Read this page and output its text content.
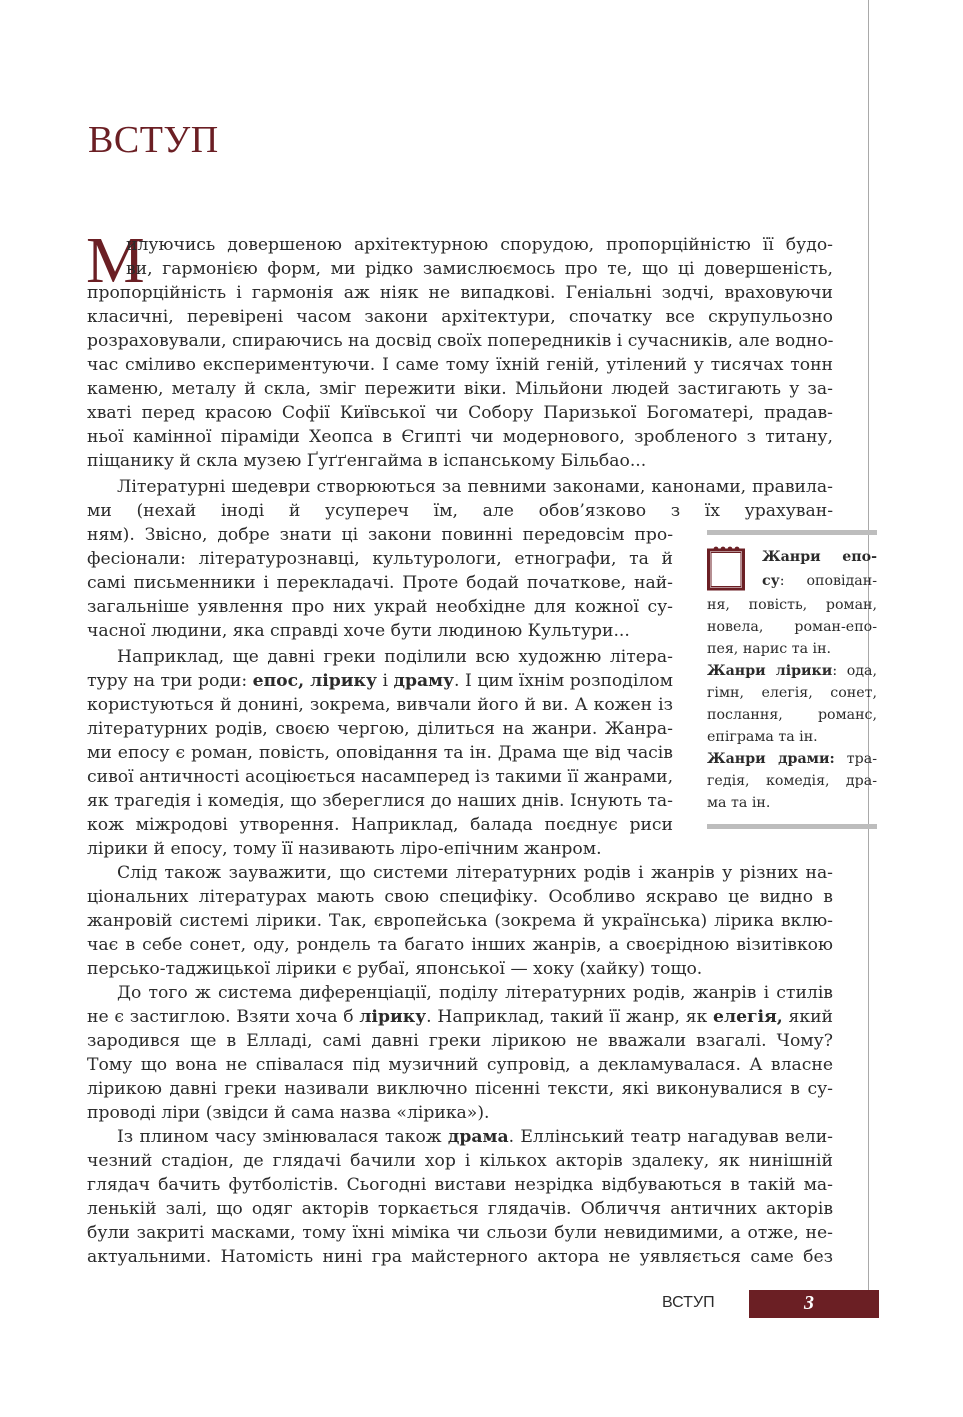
ВСТУП
М
илуючись довершеною архітектурною спорудою, пропорційністю її будо-
ви, гармонією форм, ми рідко замислюємось про те, що ці довершеність,
пропорційність і гармонія аж ніяк не випадкові. Геніальні зодчі, враховуючи
класичні, перевірені часом закони архітектури, спочатку все скрупульозно
розраховували, спираючись на досвід своїх попередників і сучасників, але водно-
час сміливо експериментуючи. І саме тому їхній геній, утілений у тисячах тонн
каменю, металу й скла, зміг пережити віки. Мільйони людей застигають у за-
хваті перед красою Софії Київської чи Собору Паризької Богоматері, прадав-
ньої камінної піраміди Хеопса в Єгипті чи модернового, зробленого з титану,
піщанику й скла музею Ґуґґенгайма в іспанському Більбао...
Літературні шедеври створюються за певними законами, канонами, правила-
ми (нехай іноді й усупереч їм, але обов’язково з їх урахуван-
ням). Звісно, добре знати ці закони повинні передовсім про-
фесіонали: літературознавці, культурологи, етнографи, та й
самі письменники і перекладачі. Проте бодай початкове, най-
загальніше уявлення про них украй необхідне для кожної су-
часної людини, яка справді хоче бути людиною Культури...
Наприклад, ще давні греки поділили всю художню літера-
туру на три роди: епос, лірику і драму. І цим їхнім розподілом
користуються й донині, зокрема, вивчали його й ви. А кожен із
літературних родів, своєю чергою, ділиться на жанри. Жанра-
ми епосу є роман, повість, оповідання та ін. Драма ще від часів
сивої античності асоціюється насамперед із такими її жанрами,
як трагедія і комедія, що збереглися до наших днів. Існують та-
кож міжродові утворення. Наприклад, балада поєднує риси
лірики й епосу, тому її називають ліро-епічним жанром.
Слід також зауважити, що системи літературних родів і жанрів у різних на-
ціональних літературах мають свою специфіку. Особливо яскраво це видно в
жанровій системі лірики. Так, європейська (зокрема й українська) лірика вклю-
чає в себе сонет, оду, рондель та багато інших жанрів, а своєрідною візитівкою
персько-таджицької лірики є рубаї, японської — хоку (хайку) тощо.
До того ж система диференціації, поділу літературних родів, жанрів і стилів
не є застиглою. Взяти хоча б лірику. Наприклад, такий її жанр, як елегія, який
зародився ще в Елладі, самі давні греки лірикою не вважали взагалі. Чому?
Тому що вона не співалася під музичний супровід, а декламувалася. А власне
лірикою давні греки називали виключно пісенні тексти, які виконувалися в су-
проводі ліри (звідси й сама назва «лірика»).
Із плином часу змінювалася також драма. Еллінський театр нагадував вели-
чезний стадіон, де глядачі бачили хор і кількох акторів здалеку, як нинішній
глядач бачить футболістів. Сьогодні вистави незрідка відбуваються в такій ма-
ленькій залі, що одяг акторів торкається глядачів. Обличчя античних акторів
були закриті масками, тому їхні міміка чи сльози були невидимими, а отже, не-
актуальними. Натомість нині гра майстерного актора не уявляється саме без
Жанри епо-
су: оповідан-
ня, повість, роман,
новела, роман-епо-
пея, нарис та ін.
Жанри лірики: ода,
гімн, елегія, сонет,
послання, романс,
епіграма та ін.
Жанри драми: тра-
гедія, комедія, дра-
ма та ін.
ВСТУП	3
